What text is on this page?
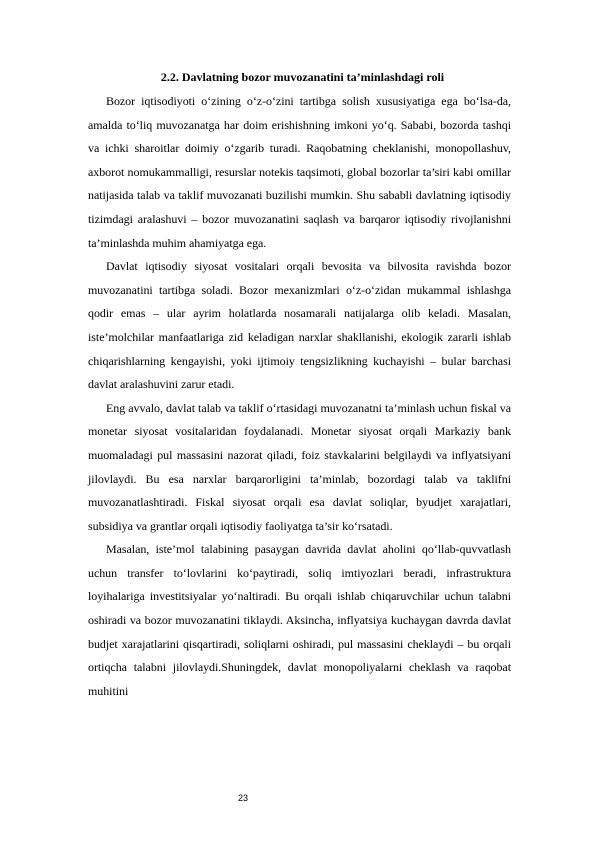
2.2. Davlatning bozor muvozanatini ta’minlashdagi roli

Bozor iqtisodiyoti o‘zining o‘z-o‘zini tartibga solish xususiyatiga ega bo‘lsa-da, amalda to‘liq muvozanatga har doim erishishning imkoni yo‘q. Sababi, bozorda tashqi va ichki sharoitlar doimiy o‘zgarib turadi. Raqobatning cheklanishi, monopollashuv, axborot nomukammalligi, resurslar notekis taqsimoti, global bozorlar ta’siri kabi omillar natijasida talab va taklif muvozanati buzilishi mumkin. Shu sababli davlatning iqtisodiy tizimdagi aralashuvi – bozor muvozanatini saqlash va barqaror iqtisodiy rivojlanishni ta’minlashda muhim ahamiyatga ega.

Davlat iqtisodiy siyosat vositalari orqali bevosita va bilvosita ravishda bozor muvozanatini tartibga soladi. Bozor mexanizmlari o‘z-o‘zidan mukammal ishlashga qodir emas – ular ayrim holatlarda nosamarali natijalarga olib keladi. Masalan, iste’molchilar manfaatlariga zid keladigan narxlar shakllanishi, ekologik zararli ishlab chiqarishlarning kengayishi, yoki ijtimoiy tengsizlikning kuchayishi – bular barchasi davlat aralashuvini zarur etadi.

Eng avvalo, davlat talab va taklif o‘rtasidagi muvozanatni ta’minlash uchun fiskal va monetar siyosat vositalaridan foydalanadi. Monetar siyosat orqali Markaziy bank muomaladagi pul massasini nazorat qiladi, foiz stavkalarini belgilaydi va inflyatsiyani jilovlaydi. Bu esa narxlar barqarorligini ta’minlab, bozordagi talab va taklifni muvozanatlashtiradi. Fiskal siyosat orqali esa davlat soliqlar, byudjet xarajatlari, subsidiya va grantlar orqali iqtisodiy faoliyatga ta’sir ko‘rsatadi.

Masalan, iste’mol talabining pasaygan davrida davlat aholini qo‘llab-quvvatlash uchun transfer to‘lovlarini ko‘paytiradi, soliq imtiyozlari beradi, infrastruktura loyihalariga investitsiyalar yo‘naltiradi. Bu orqali ishlab chiqaruvchilar uchun talabni oshiradi va bozor muvozanatini tiklaydi. Aksincha, inflyatsiya kuchaygan davrda davlat budjet xarajatlarini qisqartiradi, soliqlarni oshiradi, pul massasini cheklaydi – bu orqali ortiqcha talabni jilovlaydi.Shuningdek, davlat monopoliyalarni cheklash va raqobat muhitini

23
